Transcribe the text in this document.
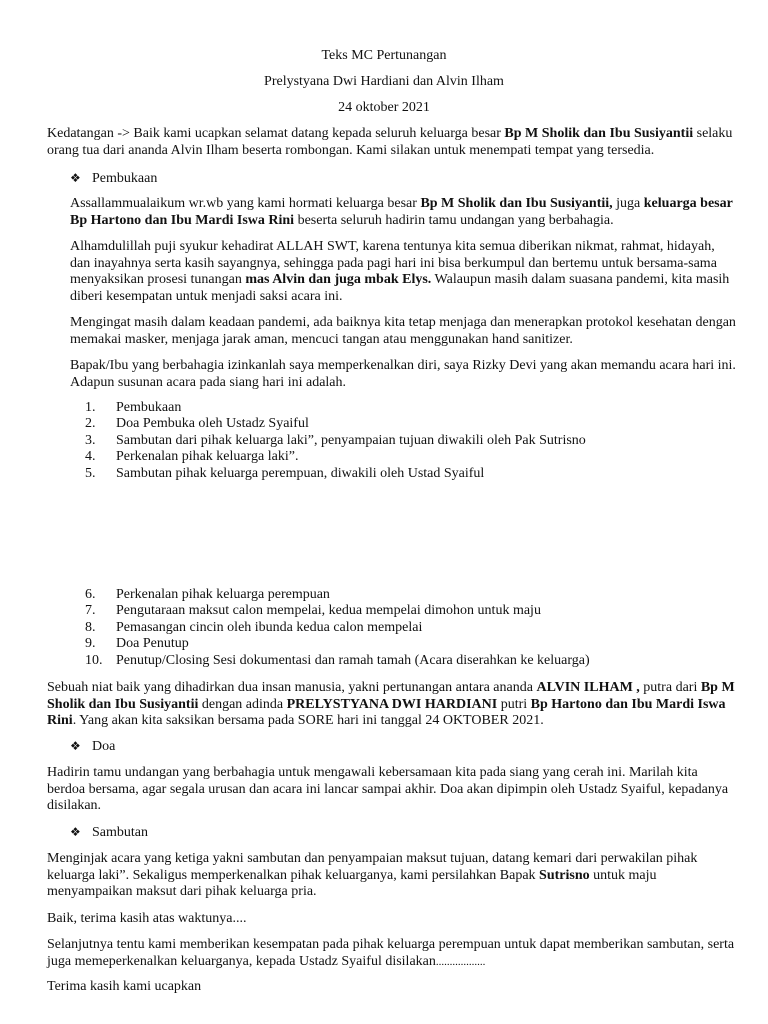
Teks MC Pertunangan
Prelystyana Dwi Hardiani dan Alvin Ilham
24 oktober 2021

Kedatangan -> Baik kami ucapkan selamat datang kepada seluruh keluarga besar Bp M Sholik dan Ibu Susiyantii selaku orang tua dari ananda Alvin Ilham beserta rombongan. Kami silakan untuk menempati tempat yang tersedia.

❖ Pembukaan

Assallammualaikum wr.wb yang kami hormati keluarga besar Bp M Sholik dan Ibu Susiyantii, juga keluarga besar Bp Hartono dan Ibu Mardi Iswa Rini beserta seluruh hadirin tamu undangan yang berbahagia.

Alhamdulillah puji syukur kehadirat ALLAH SWT, karena tentunya kita semua diberikan nikmat, rahmat, hidayah, dan inayahnya serta kasih sayangnya, sehingga pada pagi hari ini bisa berkumpul dan bertemu untuk bersama-sama menyaksikan prosesi tunangan mas Alvin dan juga mbak Elys. Walaupun masih dalam suasana pandemi, kita masih diberi kesempatan untuk menjadi saksi acara ini.

Mengingat masih dalam keadaan pandemi, ada baiknya kita tetap menjaga dan menerapkan protokol kesehatan dengan memakai masker, menjaga jarak aman, mencuci tangan atau menggunakan hand sanitizer.

Bapak/Ibu yang berbahagia izinkanlah saya memperkenalkan diri, saya Rizky Devi yang akan memandu acara hari ini. Adapun susunan acara pada siang hari ini adalah.

1. Pembukaan
2. Doa Pembuka oleh Ustadz Syaiful
3. Sambutan dari pihak keluarga laki”, penyampaian tujuan diwakili oleh Pak Sutrisno
4. Perkenalan pihak keluarga laki”.
5. Sambutan pihak keluarga perempuan, diwakili oleh Ustad Syaiful
6. Perkenalan pihak keluarga perempuan
7. Pengutaraan maksut calon mempelai, kedua mempelai dimohon untuk maju
8. Pemasangan cincin oleh ibunda kedua calon mempelai
9. Doa Penutup
10. Penutup/Closing Sesi dokumentasi dan ramah tamah (Acara diserahkan ke keluarga)

Sebuah niat baik yang dihadirkan dua insan manusia, yakni pertunangan antara ananda ALVIN ILHAM , putra dari Bp M Sholik dan Ibu Susiyantii dengan adinda PRELYSTYANA DWI HARDIANI putri Bp Hartono dan Ibu Mardi Iswa Rini. Yang akan kita saksikan bersama pada SORE hari ini tanggal 24 OKTOBER 2021.

❖ Doa

Hadirin tamu undangan yang berbahagia untuk mengawali kebersamaan kita pada siang yang cerah ini. Marilah kita berdoa bersama, agar segala urusan dan acara ini lancar sampai akhir. Doa akan dipimpin oleh Ustadz Syaiful, kepadanya disilakan.

❖ Sambutan

Menginjak acara yang ketiga yakni sambutan dan penyampaian maksut tujuan, datang kemari dari perwakilan pihak keluarga laki”. Sekaligus memperkenalkan pihak keluarganya, kami persilahkan Bapak Sutrisno untuk maju menyampaikan maksut dari pihak keluarga pria.

Baik, terima kasih atas waktunya....

Selanjutnya tentu kami memberikan kesempatan pada pihak keluarga perempuan untuk dapat memberikan sambutan, serta juga memeperkenalkan keluarganya, kepada Ustadz Syaiful disilakan..................

Terima kasih kami ucapkan
